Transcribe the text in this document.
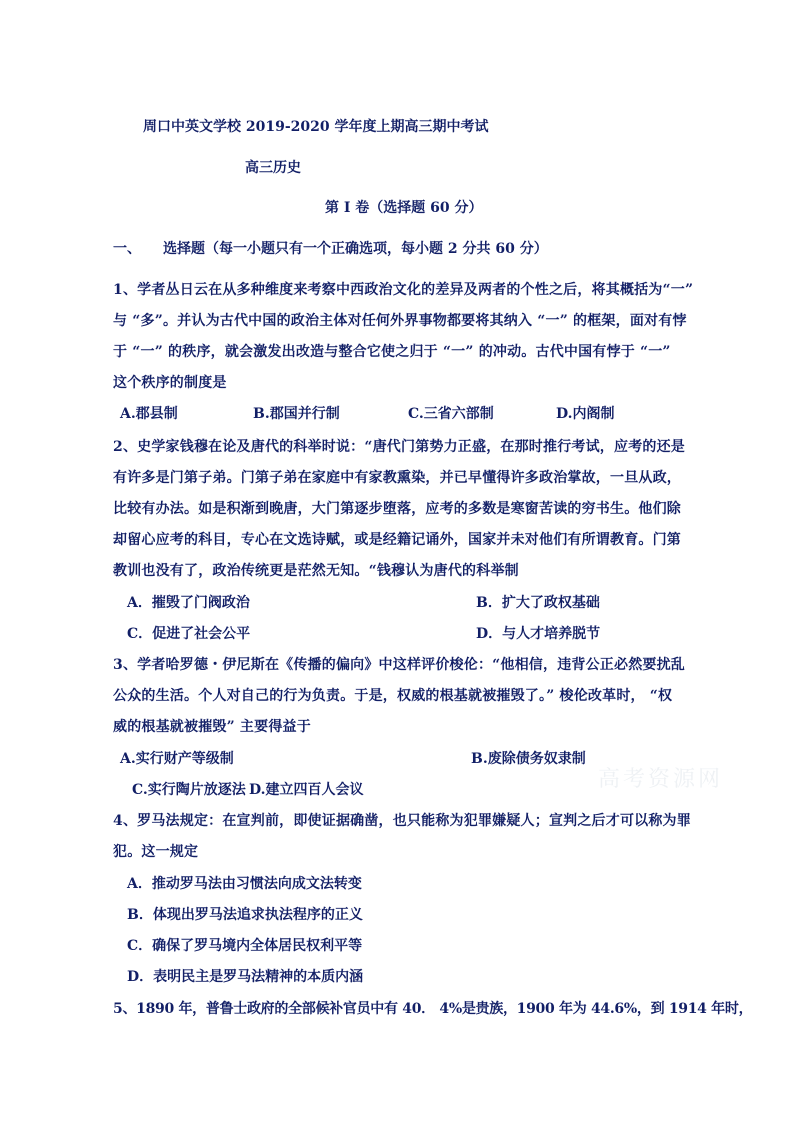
周口中英文学校 2019-2020 学年度上期高三期中考试
高三历史
第 I 卷（选择题 60 分）
一、 选择题（每一小题只有一个正确选项，每小题 2 分共 60 分）
1、学者丛日云在从多种维度来考察中西政治文化的差异及两者的个性之后，将其概括为“一”
与 “多”。并认为古代中国的政治主体对任何外界事物都要将其纳入 “一” 的框架，面对有悖
于 “一” 的秩序，就会激发出改造与整合它使之归于 “一” 的冲动。古代中国有悖于 “一”
这个秩序的制度是
A.郡县制	B.郡国并行制	C.三省六部制	D.内阁制
2、史学家钱穆在论及唐代的科举时说：“唐代门第势力正盛，在那时推行考试，应考的还是
有许多是门第子弟。门第子弟在家庭中有家教熏染，并已早懂得许多政治掌故，一旦从政，
比较有办法。如是积渐到晚唐，大门第逐步堕落，应考的多数是寒窗苦读的穷书生。他们除
却留心应考的科目，专心在文选诗赋，或是经籍记诵外，国家并未对他们有所谓教育。门第
教训也没有了，政治传统更是茫然无知。“钱穆认为唐代的科举制
A．摧毁了门阀政治	B．扩大了政权基础
C．促进了社会公平	D．与人才培养脱节
3、学者哈罗德・伊尼斯在《传播的偏向》中这样评价梭伦：“他相信，违背公正必然要扰乱
公众的生活。个人对自己的行为负责。于是，权威的根基就被摧毁了。” 梭伦改革时， “权
威的根基就被摧毁” 主要得益于
A.实行财产等级制	B.废除债务奴隶制
C.实行陶片放逐法 D.建立四百人会议	高考资源网
4、罗马法规定：在宣判前，即使证据确凿，也只能称为犯罪嫌疑人；宣判之后才可以称为罪
犯。这一规定
A．推动罗马法由习惯法向成文法转变
B．体现出罗马法追求执法程序的正义
C．确保了罗马境内全体居民权利平等
D．表明民主是罗马法精神的本质内涵
5、1890 年，普鲁士政府的全部候补官员中有 40． 4%是贵族，1900 年为 44.6%，到 1914 年时，
